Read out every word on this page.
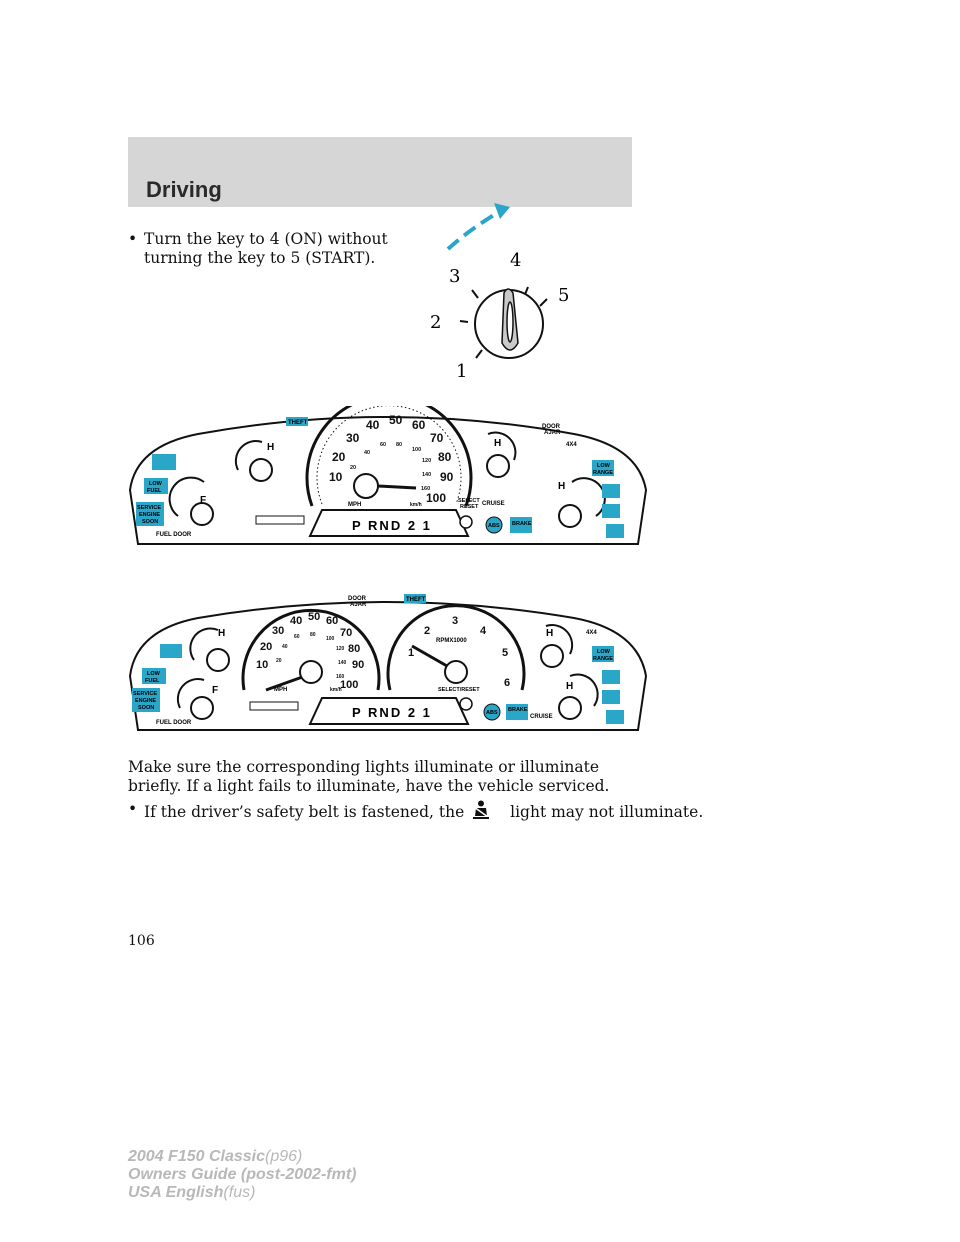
Driving
• Turn the key to 4 (ON) without
turning the key to 5 (START).
1
2
3
4
5
10
20
30
40 50 60
70
80
90
100
20
40
60 80
100
120
140
160
MPH	km/h
P RND 2 1
H
F
H
H
THEFT
LOW
FUEL
SERVICE
ENGINE
SOON
FUEL DOOR
DOOR
AJAR
4X4
LOW
RANGE
SELECT
RESET CRUISE
ABS BRAKE
10
20
30
40 50 60
70
80
90
100
20
40
60 80
100
120
140
160
MPH	km/h
1
2
3
4
5
6
RPMX1000
SELECT/RESET
P RND 2 1
H
F
H
H
THEFT
DOOR
AJAR
LOW
FUEL
SERVICE
ENGINE
SOON
FUEL DOOR
4X4
LOW
RANGE
ABS BRAKE
CRUISE
Make sure the corresponding lights illuminate or illuminate briefly. If a light fails to illuminate, have the vehicle serviced.
• If the driver’s safety belt is fastened, the	light may not illuminate.
106
2004 F150 Classic(p96)
Owners Guide (post-2002-fmt)
USA English(fus)
